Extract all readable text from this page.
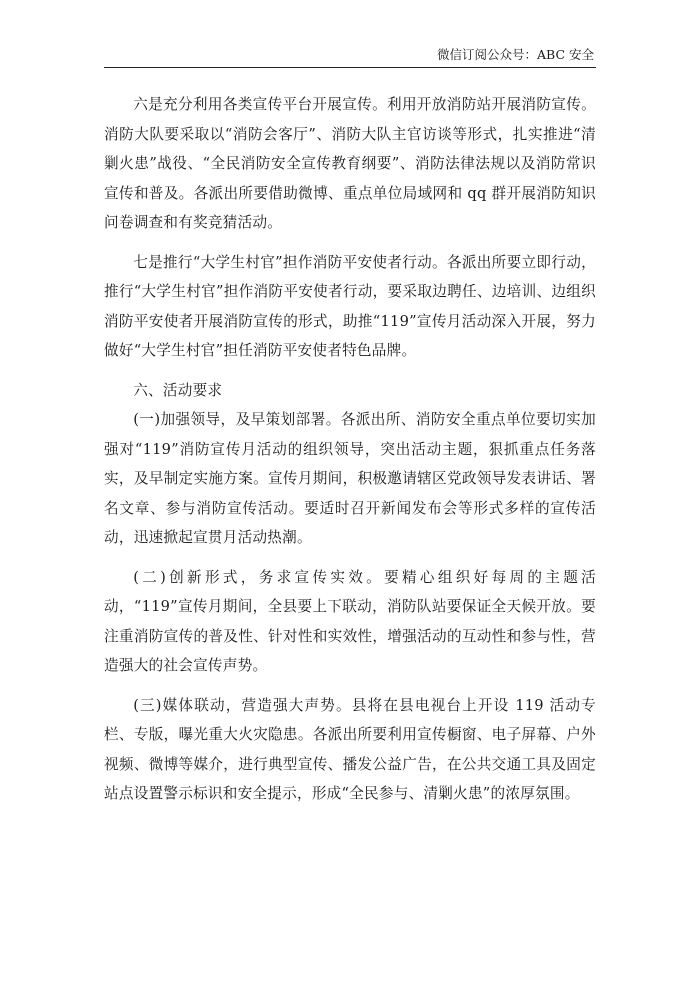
微信订阅公众号：ABC 安全

六是充分利用各类宣传平台开展宣传。利用开放消防站开展消防宣传。消防大队要采取以“消防会客厅”、消防大队主官访谈等形式，扎实推进“清剿火患”战役、“全民消防安全宣传教育纲要”、消防法律法规以及消防常识宣传和普及。各派出所要借助微博、重点单位局域网和 qq 群开展消防知识问卷调查和有奖竞猜活动。

七是推行“大学生村官”担作消防平安使者行动。各派出所要立即行动，推行“大学生村官”担作消防平安使者行动，要采取边聘任、边培训、边组织消防平安使者开展消防宣传的形式，助推“119”宣传月活动深入开展，努力做好“大学生村官”担任消防平安使者特色品牌。

六、活动要求

(一)加强领导，及早策划部署。各派出所、消防安全重点单位要切实加强对“119”消防宣传月活动的组织领导，突出活动主题，狠抓重点任务落实，及早制定实施方案。宣传月期间，积极邀请辖区党政领导发表讲话、署名文章、参与消防宣传活动。要适时召开新闻发布会等形式多样的宣传活动，迅速掀起宣贯月活动热潮。

(二)创新形式，务求宣传实效。要精心组织好每周的主题活动，“119”宣传月期间，全县要上下联动，消防队站要保证全天候开放。要注重消防宣传的普及性、针对性和实效性，增强活动的互动性和参与性，营造强大的社会宣传声势。

(三)媒体联动，营造强大声势。县将在县电视台上开设 119 活动专栏、专版，曝光重大火灾隐患。各派出所要利用宣传橱窗、电子屏幕、户外视频、微博等媒介，进行典型宣传、播发公益广告，在公共交通工具及固定站点设置警示标识和安全提示，形成“全民参与、清剿火患”的浓厚氛围。
